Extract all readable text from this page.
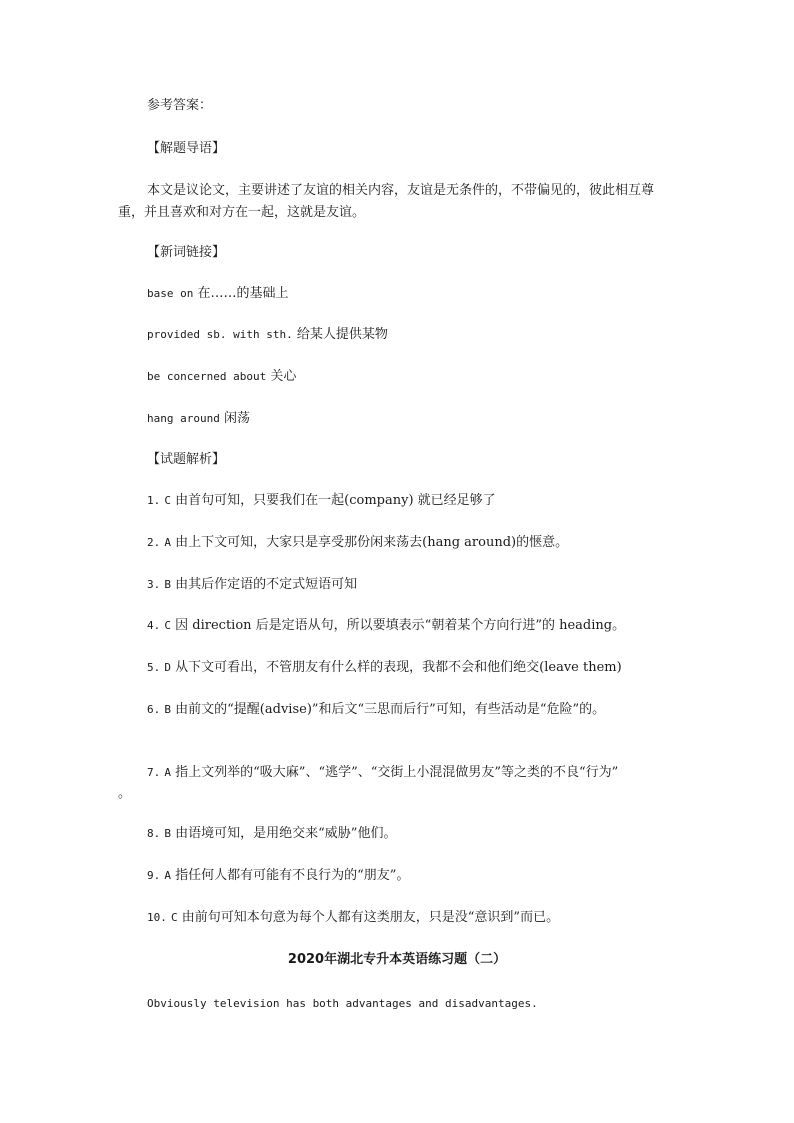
参考答案：
【解题导语】
本文是议论文，主要讲述了友谊的相关内容，友谊是无条件的，不带偏见的，彼此相互尊重，并且喜欢和对方在一起，这就是友谊。
【新词链接】
base on 在……的基础上
provided sb. with sth. 给某人提供某物
be concerned about 关心
hang around 闲荡
【试题解析】
1. C 由首句可知，只要我们在一起(company) 就已经足够了
2. A 由上下文可知，大家只是享受那份闲来荡去(hang around)的惬意。
3. B 由其后作定语的不定式短语可知
4. C 因 direction 后是定语从句，所以要填表示“朝着某个方向行进”的 heading。
5. D 从下文可看出，不管朋友有什么样的表现，我都不会和他们绝交(leave them)
6. B 由前文的“提醒(advise)”和后文“三思而后行”可知，有些活动是“危险”的。
7. A 指上文列举的“吸大麻”、“逃学”、“交街上小混混做男友”等之类的不良“行为”
。
8. B 由语境可知，是用绝交来“威胁”他们。
9. A 指任何人都有可能有不良行为的“朋友”。
10. C 由前句可知本句意为每个人都有这类朋友，只是没“意识到”而已。
2020年湖北专升本英语练习题（二）
Obviously television has both advantages and disadvantages.
